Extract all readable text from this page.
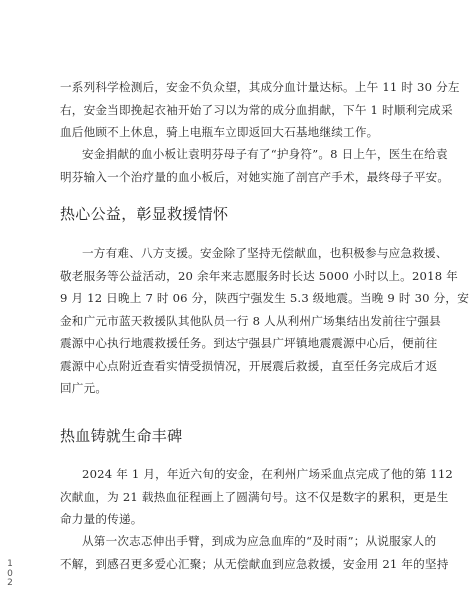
一系列科学检测后，安金不负众望，其成分血计量达标。上午 11 时 30 分左
右，安金当即挽起衣袖开始了习以为常的成分血捐献，下午 1 时顺利完成采
血后他顾不上休息，骑上电瓶车立即返回大石基地继续工作。
安金捐献的血小板让袁明芬母子有了“护身符”。8 日上午，医生在给袁
明芬输入一个治疗量的血小板后，对她实施了剖宫产手术，最终母子平安。
热心公益，彰显救援情怀
一方有难、八方支援。安金除了坚持无偿献血，也积极参与应急救援、
敬老服务等公益活动，20 余年来志愿服务时长达 5000 小时以上。2018 年
9 月 12 日晚上 7 时 06 分，陕西宁强发生 5.3 级地震。当晚 9 时 30 分，安
金和广元市蓝天救援队其他队员一行 8 人从利州广场集结出发前往宁强县
震源中心执行地震救援任务。到达宁强县广坪镇地震震源中心后，便前往
震源中心点附近查看实情受损情况，开展震后救援，直至任务完成后才返
回广元。
热血铸就生命丰碑
2024 年 1 月，年近六旬的安金，在利州广场采血点完成了他的第 112
次献血，为 21 载热血征程画上了圆满句号。这不仅是数字的累积，更是生
命力量的传递。
从第一次志忑伸出手臂，到成为应急血库的“及时雨”；从说服家人的
不解，到感召更多爱心汇聚；从无偿献血到应急救援，安金用 21 年的坚持
1
0
2
